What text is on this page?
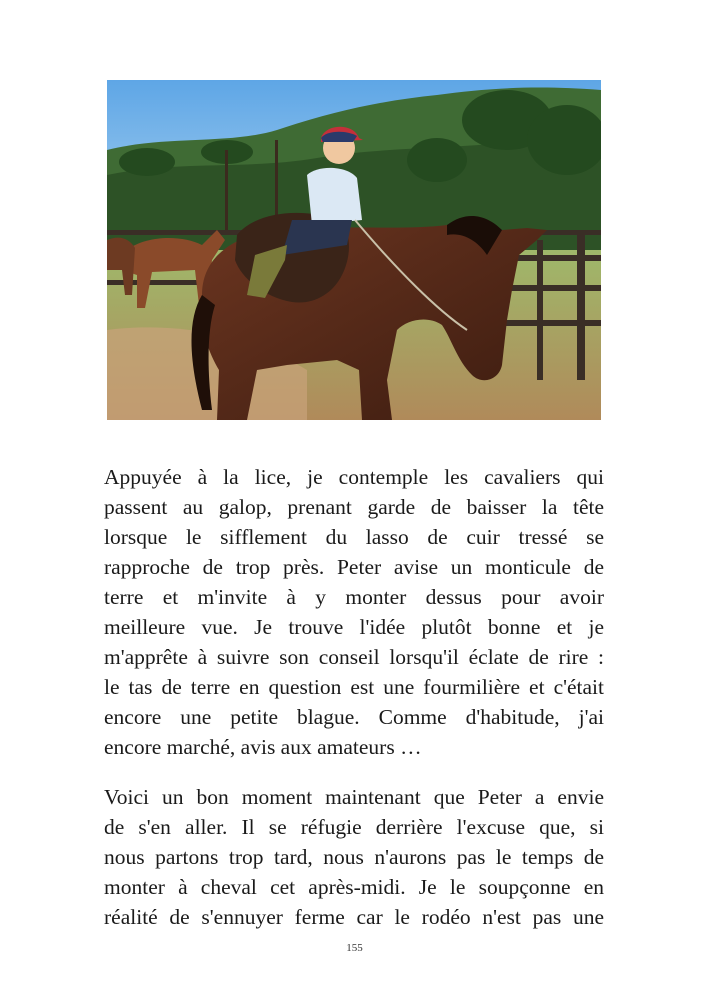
Appuyée à la lice, je contemple les cavaliers qui
passent au galop, prenant garde de baisser la tête
lorsque le sifflement du lasso de cuir tressé se
rapproche de trop près. Peter avise un monticule de
terre et m'invite à y monter dessus pour avoir
meilleure vue. Je trouve l'idée plutôt bonne et je
m'apprête à suivre son conseil lorsqu'il éclate de rire :
le tas de terre en question est une fourmilière et c'était
encore une petite blague. Comme d'habitude, j'ai
encore marché, avis aux amateurs …

Voici un bon moment maintenant que Peter a envie
de s'en aller. Il se réfugie derrière l'excuse que, si
nous partons trop tard, nous n'aurons pas le temps de
monter à cheval cet après-midi. Je le soupçonne en
réalité de s'ennuyer ferme car le rodéo n'est pas une

155
